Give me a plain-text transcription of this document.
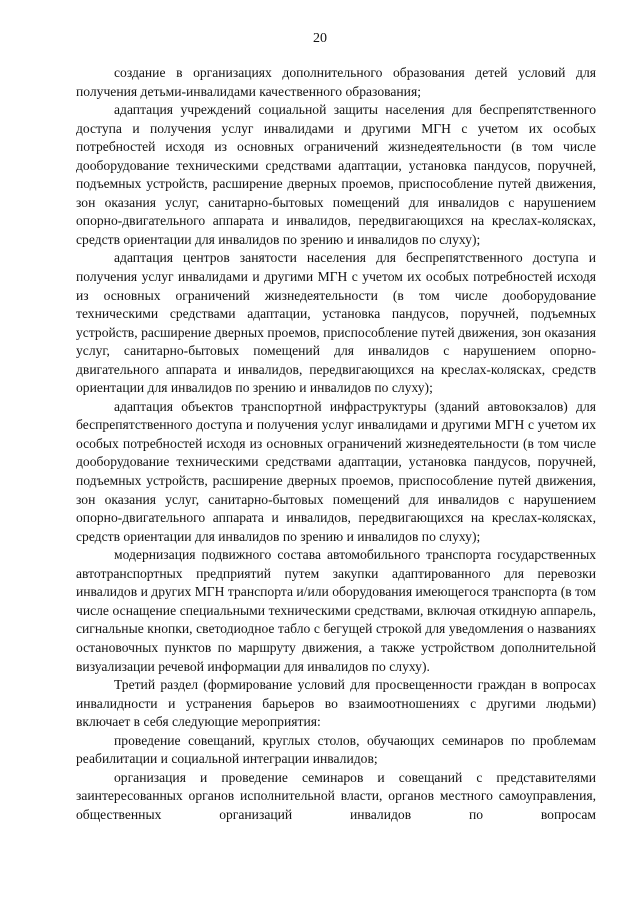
20

создание в организациях дополнительного образования детей условий для получения детьми-инвалидами качественного образования;

адаптация учреждений социальной защиты населения для беспрепятственного доступа и получения услуг инвалидами и другими МГН с учетом их особых потребностей исходя из основных ограничений жизнедеятельности (в том числе дооборудование техническими средствами адаптации, установка пандусов, поручней, подъемных устройств, расширение дверных проемов, приспособление путей движения, зон оказания услуг, санитарно-бытовых помещений для инвалидов с нарушением опорно-двигательного аппарата и инвалидов, передвигающихся на креслах-колясках, средств ориентации для инвалидов по зрению и инвалидов по слуху);

адаптация центров занятости населения для беспрепятственного доступа и получения услуг инвалидами и другими МГН с учетом их особых потребностей исходя из основных ограничений жизнедеятельности (в том числе дооборудование техническими средствами адаптации, установка пандусов, поручней, подъемных устройств, расширение дверных проемов, приспособление путей движения, зон оказания услуг, санитарно-бытовых помещений для инвалидов с нарушением опорно-двигательного аппарата и инвалидов, передвигающихся на креслах-колясках, средств ориентации для инвалидов по зрению и инвалидов по слуху);

адаптация объектов транспортной инфраструктуры (зданий автовокзалов) для беспрепятственного доступа и получения услуг инвалидами и другими МГН с учетом их особых потребностей исходя из основных ограничений жизнедеятельности (в том числе дооборудование техническими средствами адаптации, установка пандусов, поручней, подъемных устройств, расширение дверных проемов, приспособление путей движения, зон оказания услуг, санитарно-бытовых помещений для инвалидов с нарушением опорно-двигательного аппарата и инвалидов, передвигающихся на креслах-колясках, средств ориентации для инвалидов по зрению и инвалидов по слуху);

модернизация подвижного состава автомобильного транспорта государственных автотранспортных предприятий путем закупки адаптированного для перевозки инвалидов и других МГН транспорта и/или оборудования имеющегося транспорта (в том числе оснащение специальными техническими средствами, включая откидную аппарель, сигнальные кнопки, светодиодное табло с бегущей строкой для уведомления о названиях остановочных пунктов по маршруту движения, а также устройством дополнительной визуализации речевой информации для инвалидов по слуху).

Третий раздел (формирование условий для просвещенности граждан в вопросах инвалидности и устранения барьеров во взаимоотношениях с другими людьми) включает в себя следующие мероприятия:

проведение совещаний, круглых столов, обучающих семинаров по проблемам реабилитации и социальной интеграции инвалидов;

организация и проведение семинаров и совещаний с представителями заинтересованных органов исполнительной власти, органов местного самоуправления, общественных организаций инвалидов по вопросам
